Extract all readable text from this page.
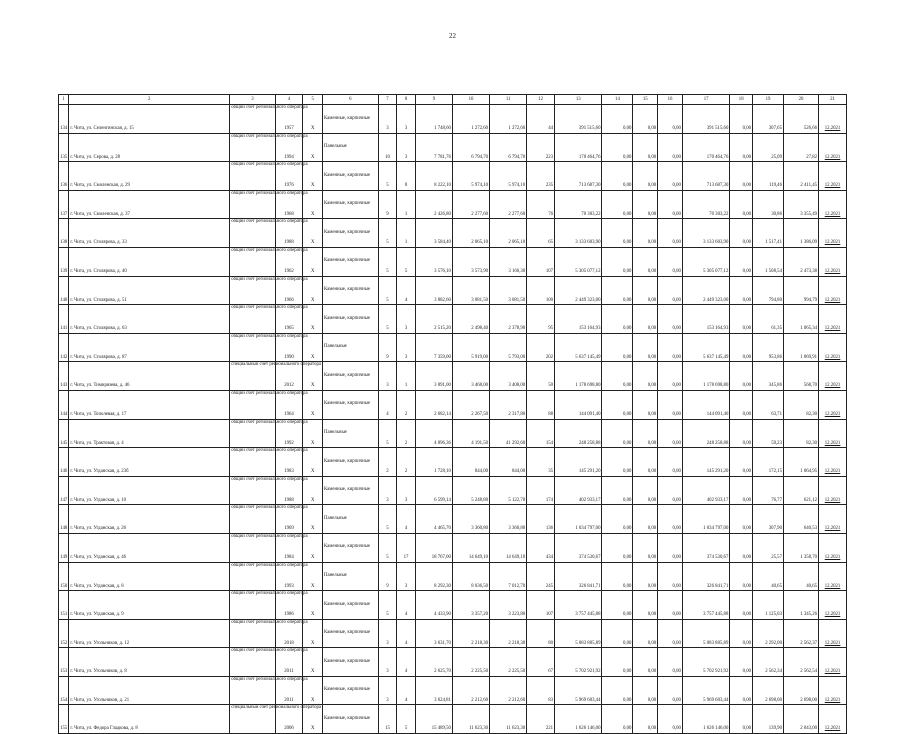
22
1	2	3	4	5	6	7	8	9	10	11	12	13	14	15	16	17	18	19	20	21
134	г. Чита, ул. Селенгинская, д. 15	общий счет регионального оператора	1957	Х	Каменные, кирпичные	3	3	1 748,60	1 272,60	1 272,60	44	391 515,60	0,00	0,00	0,00	391 515,60	0,00	307,65	526,66	12.2021
135	г. Чита, ул. Серова, д. 28	общий счет регионального оператора	1994	Х	Панельные	10	3	7 781,76	6 794,70	6 794,70	223	170 464,76	0,00	0,00	0,00	170 464,76	0,00	25,09	27,82	12.2021
136	г. Чита, ул. Смоленская, д. 29	общий счет регионального оператора	1976	Х	Каменные, кирпичные	5	8	8 222,10	5 974,10	5 974,10	235	713 687,30	0,00	0,00	0,00	713 687,30	0,00	119,46	2 411,45	12.2021
137	г. Чита, ул. Смоленская, д. 37	общий счет регионального оператора	1968	Х	Каменные, кирпичные	9	1	2 426,80	2 277,60	2 277,60	76	70 303,22	0,00	0,00	0,00	70 303,22	0,00	30,86	3 355,49	12.2021
138	г. Чита, ул. Столярова, д. 33	общий счет регионального оператора	1988	Х	Каменные, кирпичные	5	1	3 584,40	2 065,10	2 065,10	65	3 133 603,90	0,00	0,00	0,00	3 133 603,90	0,00	1 517,41	1 386,09	12.2021
139	г. Чита, ул. Столярова, д. 40	общий счет регионального оператора	1962	Х	Каменные, кирпичные	5	5	3 576,10	3 573,90	3 166,30	107	5 305 077,12	0,00	0,00	0,00	5 305 077,12	0,00	1 508,54	2 473,38	12.2021
140	г. Чита, ул. Столярова, д. 51	общий счет регионального оператора	1966	Х	Каменные, кирпичные	5	4	3 882,60	3 081,50	3 081,50	100	2 449 323,00	0,00	0,00	0,00	2 449 323,00	0,00	794,80	994,79	12.2021
141	г. Чита, ул. Столярова, д. 63	общий счет регионального оператора	1965	Х	Каменные, кирпичные	5	3	2 515,20	2 498,40	2 378,90	95	153 164,93	0,00	0,00	0,00	153 164,93	0,00	61,35	1 065,34	12.2021
142	г. Чита, ул. Столярова, д. 87	общий счет регионального оператора	1990	Х	Панельные	9	3	7 359,00	5 919,00	5 793,00	202	5 637 145,49	0,00	0,00	0,00	5 637 145,49	0,00	953,86	1 069,91	12.2021
143	г. Чита, ул. Тимирязева, д. 46	специальный счет регионального оператора	2012	Х	Каменные, кирпичные	3	1	3 891,00	3 468,00	3 408,00	50	1 178 698,80	0,00	0,00	0,00	1 178 698,80	0,00	345,86	568,70	12.2021
144	г. Чита, ул. Тополевая, д. 17	общий счет регионального оператора	1964	Х	Каменные, кирпичные	4	2	2 682,14	2 267,50	2 317,80	88	144 091,40	0,00	0,00	0,00	144 091,40	0,00	63,71	82,30	12.2021
145	г. Чита, ул. Трактовая, д. 4	общий счет регионального оператора	1992	Х	Панельные	5	2	4 896,36	4 191,50	41 292,60	154	248 258,88	0,00	0,00	0,00	248 258,88	0,00	59,23	82,30	12.2021
146	г. Чита, ул. Угданская, д. 23б	общий счет регионального оператора	1983	Х	Каменные, кирпичные	2	2	1 728,10	844,00	844,00	35	145 291,20	0,00	0,00	0,00	145 291,20	0,00	172,15	1 064,95	12.2021
147	г. Чита, ул. Угданская, д. 10	общий счет регионального оператора	1988	Х	Каменные, кирпичные	3	3	6 599,14	5 248,80	5 122,70	174	402 933,17	0,00	0,00	0,00	402 933,17	0,00	76,77	621,12	12.2021
148	г. Чита, ул. Угданская, д. 26	общий счет регионального оператора	1969	Х	Панельные	5	4	4 465,70	3 360,80	3 360,80	136	1 034 797,00	0,00	0,00	0,00	1 034 797,00	0,00	307,90	640,53	12.2021
149	г. Чита, ул. Угданская, д. 46	общий счет регионального оператора	1984	Х	Каменные, кирпичные	5	17	18 767,00	14 649,10	14 649,10	434	374 530,67	0,00	0,00	0,00	374 530,67	0,00	25,57	1 358,70	12.2021
150	г. Чита, ул. Угданская, д. 8	общий счет регионального оператора	1993	Х	Панельные	9	3	8 292,30	8 036,50	7 012,70	245	326 841,71	0,00	0,00	0,00	326 841,71	0,00	40,65	40,65	12.2021
151	г. Чита, ул. Угданская, д. 9	общий счет регионального оператора	1986	Х	Каменные, кирпичные	5	4	4 433,90	3 357,20	3 223,80	107	3 757 445,88	0,00	0,00	0,00	3 757 445,88	0,00	1 125,03	1 345,26	12.2021
152	г. Чита, ул. Угольников, д. 12	общий счет регионального оператора	2018	Х	Каменные, кирпичные	3	4	3 631,70	2 218,30	2 218,30	80	5 083 805,89	0,00	0,00	0,00	5 083 805,89	0,00	2 292,00	2 562,37	12.2021
153	г. Чита, ул. Угольников, д. 8	общий счет регионального оператора	2011	Х	Каменные, кирпичные	3	4	2 625,70	2 225,50	2 225,50	67	5 702 921,92	0,00	0,00	0,00	5 702 921,92	0,00	2 562,34	2 562,54	12.2021
154	г. Чита, ул. Угольников, д. 21	общий счет регионального оператора	2011	Х	Каменные, кирпичные	3	4	3 624,81	2 212,60	2 212,60	83	5 969 603,44	0,00	0,00	0,00	5 969 603,44	0,00	2 698,00	2 698,00	12.2021
155	г. Чита, ул. Федора Гладкова, д. 8	специальный счет регионального оператора	2006	Х	Каменные, кирпичные	15	5	15 489,50	11 623,30	11 623,30	221	1 626 146,00	0,00	0,00	0,00	1 626 146,00	0,00	139,90	2 043,00	12.2021
